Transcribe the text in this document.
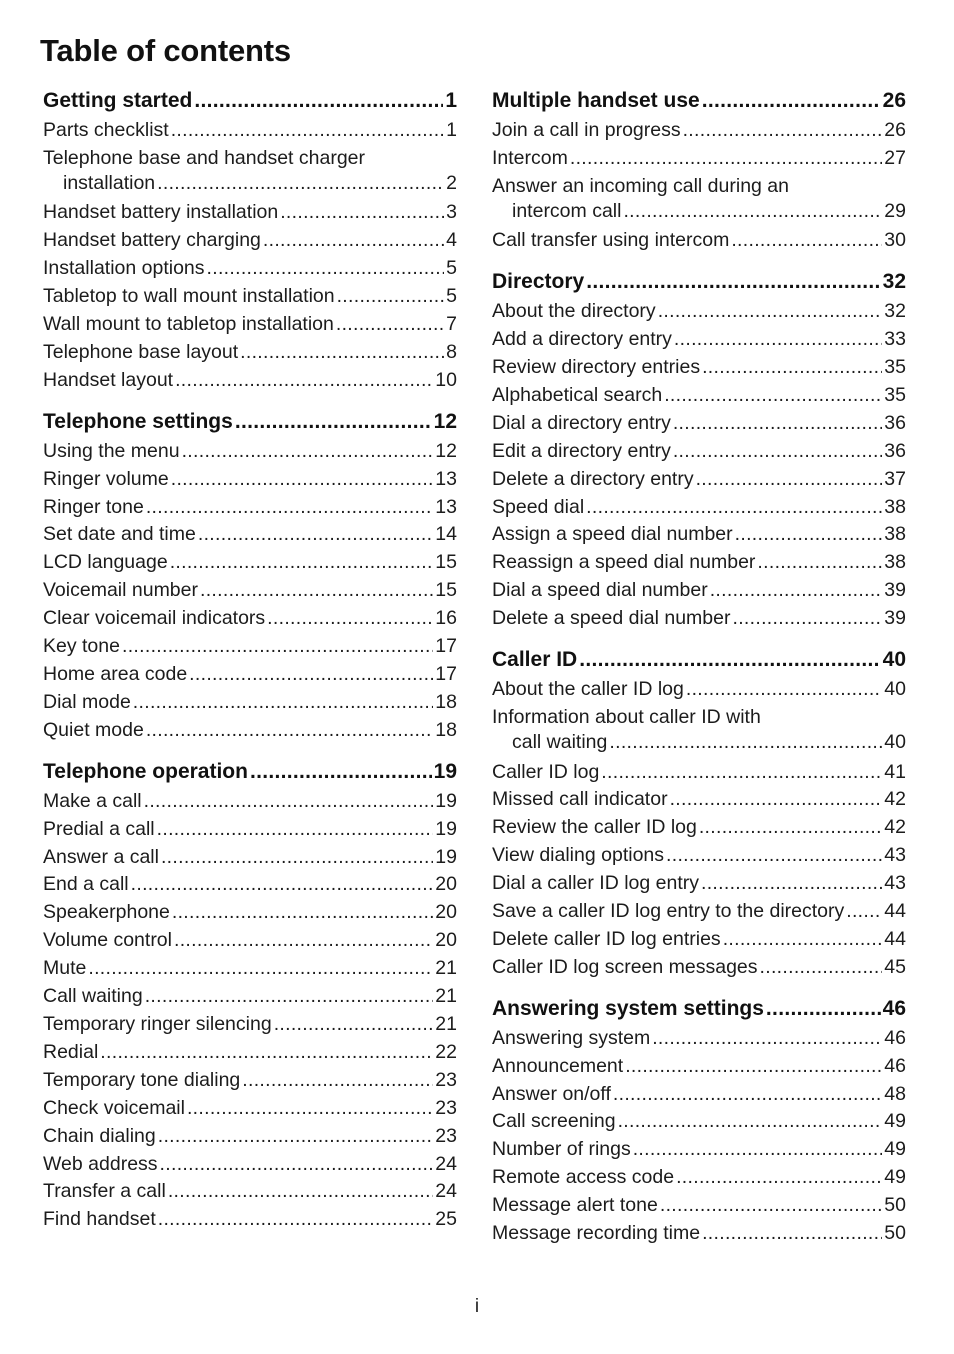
Table of contents
Getting started .....	1
Parts checklist .....	1
Telephone base and handset charger
installation .....	2
Handset battery installation .....	3
Handset battery charging .....	4
Installation options .....	5
Tabletop to wall mount installation .....	5
Wall mount to tabletop installation .....	7
Telephone base layout .....	8
Handset layout .....	10
Telephone settings .....	12
Using the menu .....	12
Ringer volume .....	13
Ringer tone .....	13
Set date and time .....	14
LCD language .....	15
Voicemail number .....	15
Clear voicemail indicators .....	16
Key tone .....	17
Home area code .....	17
Dial mode .....	18
Quiet mode .....	18
Telephone operation .....	19
Make a call .....	19
Predial a call .....	19
Answer a call .....	19
End a call .....	20
Speakerphone .....	20
Volume control .....	20
Mute .....	21
Call waiting .....	21
Temporary ringer silencing .....	21
Redial .....	22
Temporary tone dialing .....	23
Check voicemail .....	23
Chain dialing .....	23
Web address .....	24
Transfer a call .....	24
Find handset .....	25
Multiple handset use .....	26
Join a call in progress .....	26
Intercom .....	27
Answer an incoming call during an
intercom call .....	29
Call transfer using intercom .....	30
Directory .....	32
About the directory .....	32
Add a directory entry .....	33
Review directory entries .....	35
Alphabetical search .....	35
Dial a directory entry .....	36
Edit a directory entry .....	36
Delete a directory entry .....	37
Speed dial .....	38
Assign a speed dial number .....	38
Reassign a speed dial number .....	38
Dial a speed dial number .....	39
Delete a speed dial number .....	39
Caller ID .....	40
About the caller ID log .....	40
Information about caller ID with
call waiting .....	40
Caller ID log .....	41
Missed call indicator .....	42
Review the caller ID log .....	42
View dialing options .....	43
Dial a caller ID log entry .....	43
Save a caller ID log entry to the directory ..... 44
Delete caller ID log entries .....	44
Caller ID log screen messages .....	45
Answering system settings .....	46
Answering system .....	46
Announcement .....	46
Answer on/off .....	48
Call screening .....	49
Number of rings .....	49
Remote access code .....	49
Message alert tone .....	50
Message recording time .....	50
i
